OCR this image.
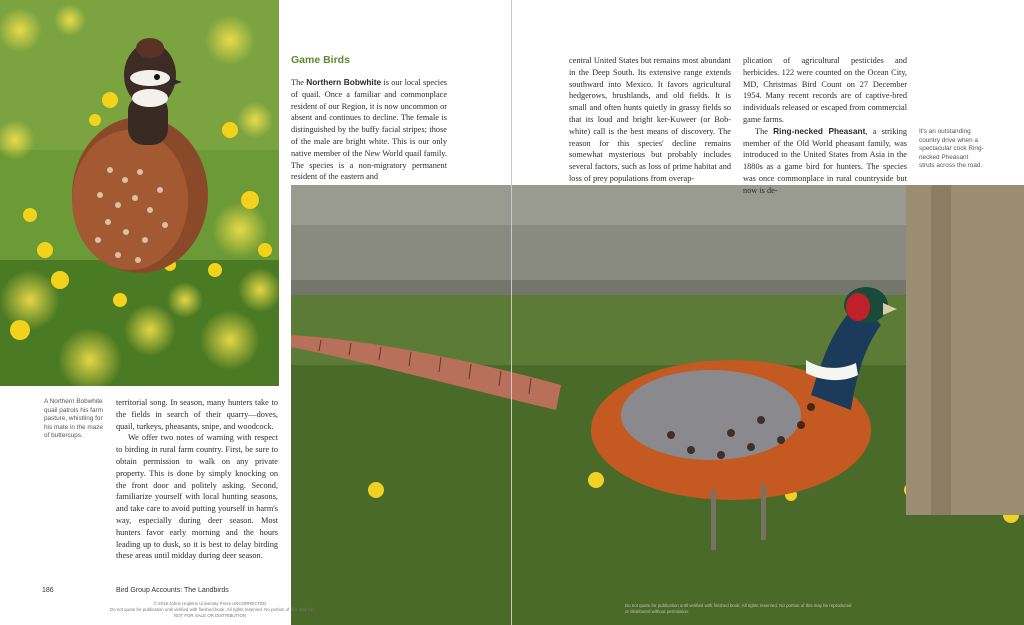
Game Birds

The Northern Bobwhite is our local species of quail. Once a familiar and commonplace resident of our Region, it is now uncommon or absent and continues to decline. The female is distinguished by the buffy facial stripes; those of the male are bright white. This is our only native member of the New World quail family. The species is a non-migratory permanent resident of the eastern and

central United States but remains most abundant in the Deep South. Its extensive range extends southward into Mexico. It favors agricultural hedgerows, brushlands, and old fields. It is small and often hunts quietly in grassy fields so that its loud and bright ker-Kuweer (or Bob-white) call is the best means of discovery. The reason for this species' decline remains somewhat mysterious but probably includes several factors, such as loss of prime habitat and loss of prey populations from overap-

plication of agricultural pesticides and herbicides. 122 were counted on the Ocean City, MD, Christmas Bird Count on 27 December 1954. Many recent records are of captive-bred individuals released or escaped from commercial game farms.

The Ring-necked Pheasant, a striking member of the Old World pheasant family, was introduced to the United States from Asia in the 1880s as a game bird for hunters. The species was once commonplace in rural countryside but now is de-

territorial song. In season, many hunters take to the fields in search of their quarry—doves, quail, turkeys, pheasants, snipe, and woodcock.

We offer two notes of warning with respect to birding in rural farm country. First, be sure to obtain permission to walk on any private property. This is done by simply knocking on the front door and politely asking. Second, familiarize yourself with local hunting seasons, and take care to avoid putting yourself in harm's way, especially during deer season. Most hunters favor early morning and the hours leading up to dusk, so it is best to delay birding these areas until midday during deer season.

A Northern Bobwhite quail patrols his farm pasture, whistling for his mate in the maze of buttercups.
It's an outstanding country drive when a spectacular cock Ring-necked Pheasant struts across the road.
186	Bird Group Accounts: The Landbirds
© 2019 Johns Hopkins University Press UNCORRECTED
Do not quote for publication until verified with finished book. All rights reserved. No portion of this may be
NOT FOR SALE OR DISTRIBUTION
Do not quote for publication until verified with finished book. All rights reserved. No portion of this may be reproduced
or distributed without permission.
